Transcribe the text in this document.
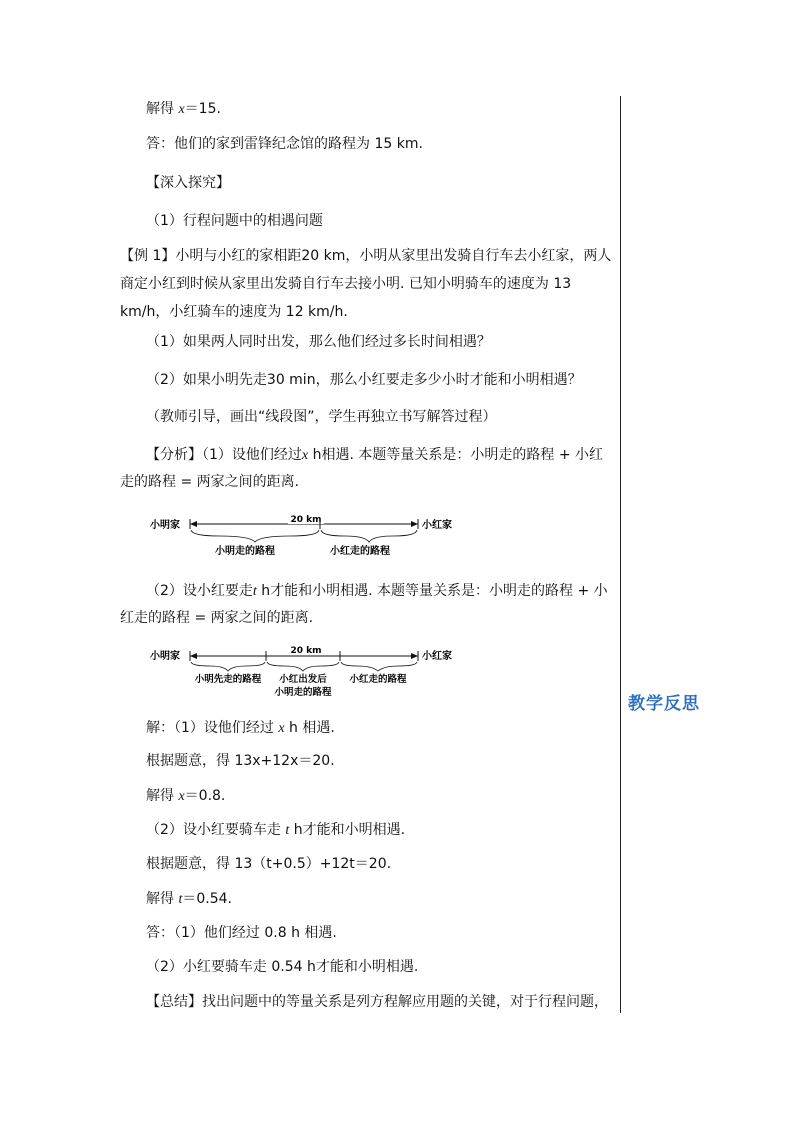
教学反思

解得 x＝15.

答：他们的家到雷锋纪念馆的路程为 15 km.

【深入探究】

（1）行程问题中的相遇问题

【例 1】小明与小红的家相距20 km，小明从家里出发骑自行车去小红家，两人商定小红到时候从家里出发骑自行车去接小明. 已知小明骑车的速度为 13 km/h，小红骑车的速度为 12 km/h.

（1）如果两人同时出发，那么他们经过多长时间相遇？

（2）如果小明先走30 min，那么小红要走多少小时才能和小明相遇？

（教师引导，画出“线段图”，学生再独立书写解答过程）

【分析】（1）设他们经过x h相遇. 本题等量关系是：小明走的路程 + 小红走的路程 = 两家之间的距离.

小明家	小红家
20 km
小明走的路程	小红走的路程

（2）设小红要走t h才能和小明相遇. 本题等量关系是：小明走的路程 + 小红走的路程 = 两家之间的距离.

小明家	小红家
20 km
小明先走的路程 小红出发后
小明走的路程
小红走的路程

解：（1）设他们经过 x h 相遇.

根据题意，得 13x+12x＝20.

解得 x＝0.8.

（2）设小红要骑车走 t h才能和小明相遇.

根据题意，得 13（t+0.5）+12t＝20.

解得 t＝0.54.

答：（1）他们经过 0.8 h 相遇.

（2）小红要骑车走 0.54 h才能和小明相遇.

【总结】找出问题中的等量关系是列方程解应用题的关键，对于行程问题，
